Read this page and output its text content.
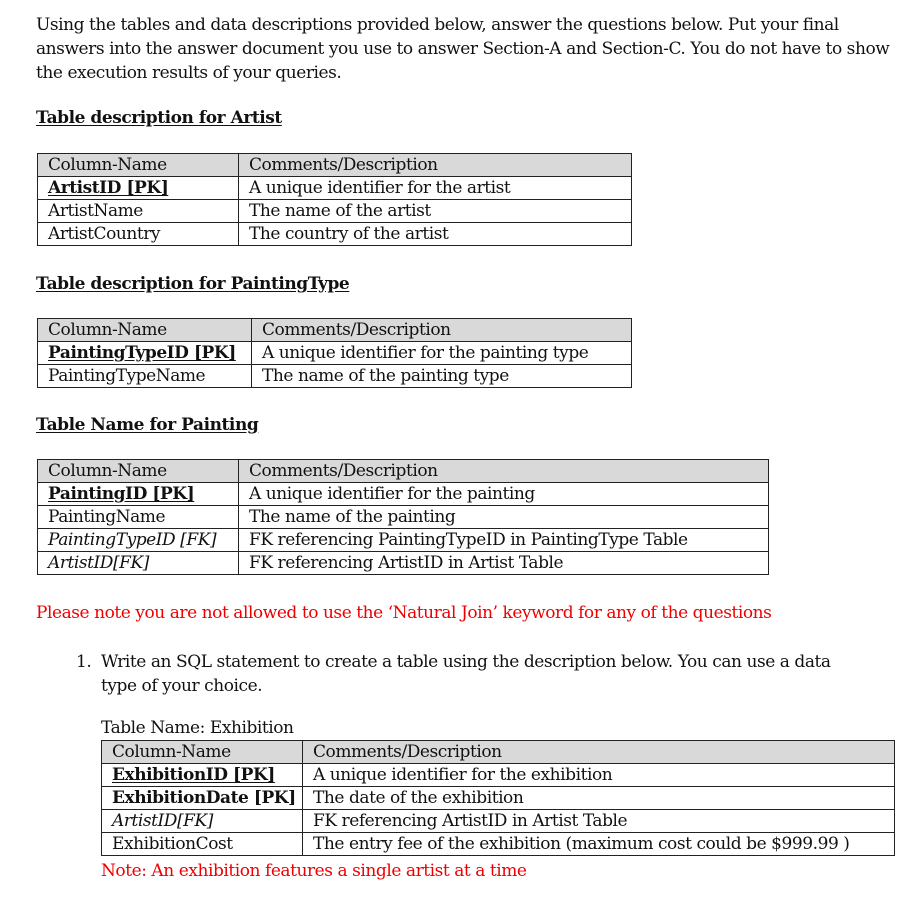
Using the tables and data descriptions provided below, answer the questions below. Put your final answers into the answer document you use to answer Section-A and Section-C. You do not have to show the execution results of your queries.
Table description for Artist
Column-Name	Comments/Description
ArtistID [PK]	A unique identifier for the artist
ArtistName	The name of the artist
ArtistCountry	The country of the artist
Table description for PaintingType
Column-Name	Comments/Description
PaintingTypeID [PK]	A unique identifier for the painting type
PaintingTypeName	The name of the painting type
Table Name for Painting
Column-Name	Comments/Description
PaintingID [PK]	A unique identifier for the painting
PaintingName	The name of the painting
PaintingTypeID [FK]	FK referencing PaintingTypeID in PaintingType Table
ArtistID[FK]	FK referencing ArtistID in Artist Table
Please note you are not allowed to use the ‘Natural Join’ keyword for any of the questions
1. Write an SQL statement to create a table using the description below. You can use a data type of your choice.
Table Name: Exhibition
Column-Name	Comments/Description
ExhibitionID [PK]	A unique identifier for the exhibition
ExhibitionDate [PK]	The date of the exhibition
ArtistID[FK]	FK referencing ArtistID in Artist Table
ExhibitionCost	The entry fee of the exhibition (maximum cost could be $999.99 )
Note: An exhibition features a single artist at a time
